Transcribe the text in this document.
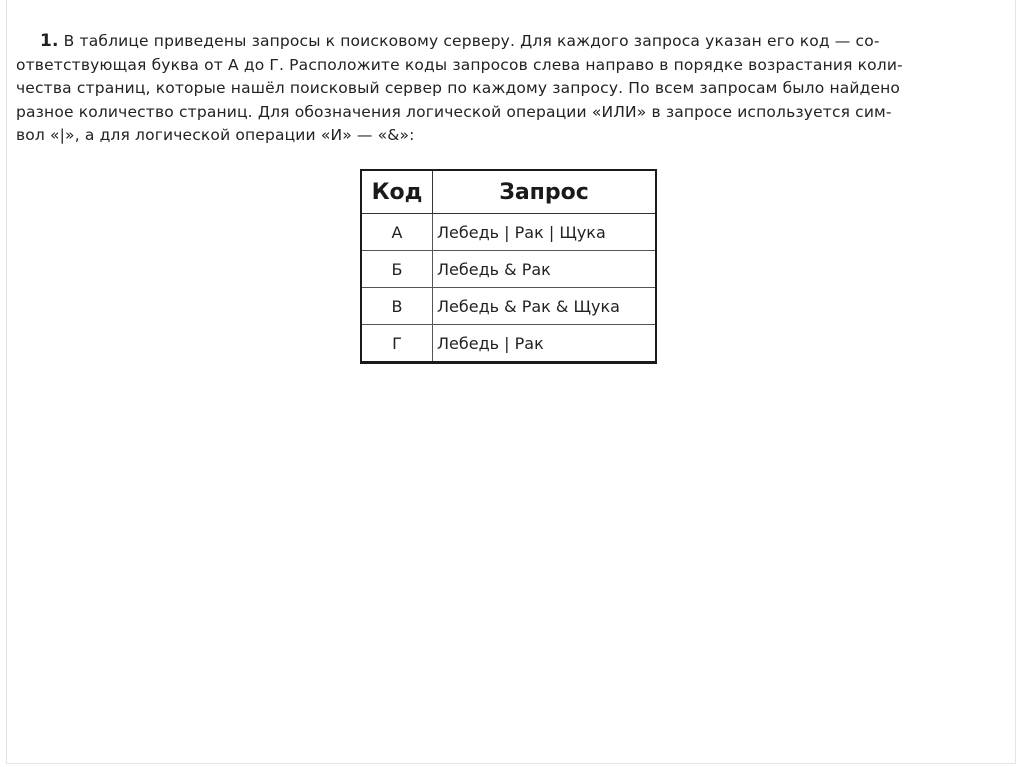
1. В таблице приведены запросы к поисковому серверу. Для каждого запроса указан его код — со-
ответствующая буква от А до Г. Расположите коды запросов слева направо в порядке возрастания коли-
чества страниц, которые нашёл поисковый сервер по каждому запросу. По всем запросам было найдено
разное количество страниц. Для обозначения логической операции «ИЛИ» в запросе используется сим-
вол «|», а для логической операции «И» — «&»:
Код	Запрос
А	Лебедь | Рак | Щука
Б	Лебедь & Рак
В	Лебедь & Рак & Щука
Г	Лебедь | Рак
